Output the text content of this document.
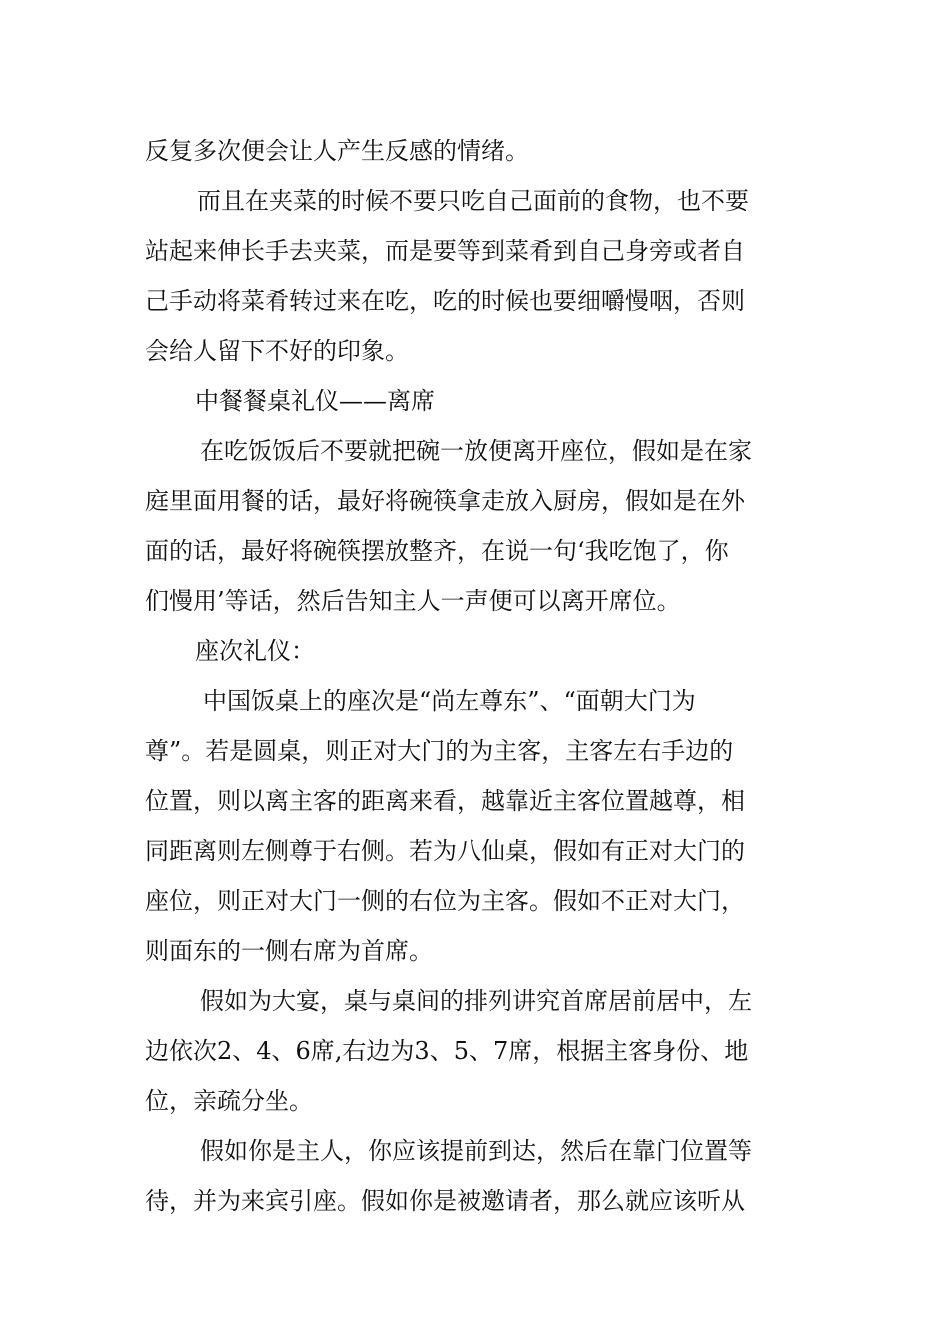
反复多次便会让人产生反感的情绪。
而且在夹菜的时候不要只吃自己面前的食物，也不要
站起来伸长手去夹菜，而是要等到菜肴到自己身旁或者自
己手动将菜肴转过来在吃，吃的时候也要细嚼慢咽，否则
会给人留下不好的印象。
中餐餐桌礼仪——离席
在吃饭饭后不要就把碗一放便离开座位，假如是在家
庭里面用餐的话，最好将碗筷拿走放入厨房，假如是在外
面的话，最好将碗筷摆放整齐，在说一句‘我吃饱了，你
们慢用’等话，然后告知主人一声便可以离开席位。
座次礼仪：
中国饭桌上的座次是“尚左尊东”、“面朝大门为
尊”。若是圆桌，则正对大门的为主客，主客左右手边的
位置，则以离主客的距离来看，越靠近主客位置越尊，相
同距离则左侧尊于右侧。若为八仙桌，假如有正对大门的
座位，则正对大门一侧的右位为主客。假如不正对大门，
则面东的一侧右席为首席。
假如为大宴，桌与桌间的排列讲究首席居前居中，左
边依次2、4、6席,右边为3、5、7席，根据主客身份、地
位，亲疏分坐。
假如你是主人，你应该提前到达，然后在靠门位置等
待，并为来宾引座。假如你是被邀请者，那么就应该听从
